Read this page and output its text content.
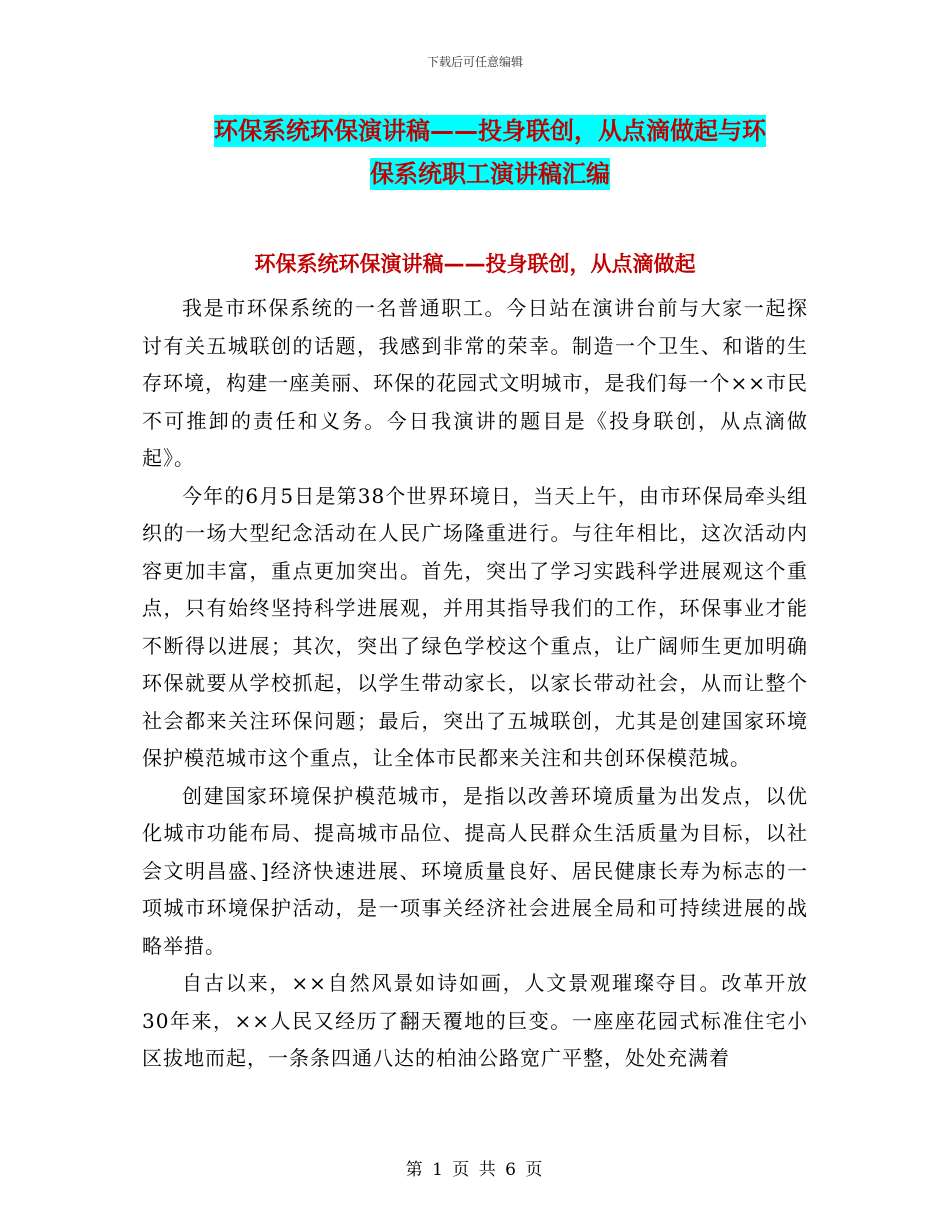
下载后可任意编辑
环保系统环保演讲稿——投身联创，从点滴做起与环
保系统职工演讲稿汇编
环保系统环保演讲稿——投身联创，从点滴做起

我是市环保系统的一名普通职工。今日站在演讲台前与大家一起探讨有关五城联创的话题，我感到非常的荣幸。制造一个卫生、和谐的生存环境，构建一座美丽、环保的花园式文明城市，是我们每一个××市民不可推卸的责任和义务。今日我演讲的题目是《投身联创，从点滴做起》。

今年的6月5日是第38个世界环境日，当天上午，由市环保局牵头组织的一场大型纪念活动在人民广场隆重进行。与往年相比，这次活动内容更加丰富，重点更加突出。首先，突出了学习实践科学进展观这个重点，只有始终坚持科学进展观，并用其指导我们的工作，环保事业才能不断得以进展；其次，突出了绿色学校这个重点，让广阔师生更加明确环保就要从学校抓起，以学生带动家长，以家长带动社会，从而让整个社会都来关注环保问题；最后，突出了五城联创，尤其是创建国家环境保护模范城市这个重点，让全体市民都来关注和共创环保模范城。

创建国家环境保护模范城市，是指以改善环境质量为出发点，以优化城市功能布局、提高城市品位、提高人民群众生活质量为目标，以社会文明昌盛、]经济快速进展、环境质量良好、居民健康长寿为标志的一项城市环境保护活动，是一项事关经济社会进展全局和可持续进展的战略举措。

自古以来，××自然风景如诗如画，人文景观璀璨夺目。改革开放30年来，××人民又经历了翻天覆地的巨变。一座座花园式标准住宅小区拔地而起，一条条四通八达的柏油公路宽广平整，处处充满着

第 1 页 共 6 页
